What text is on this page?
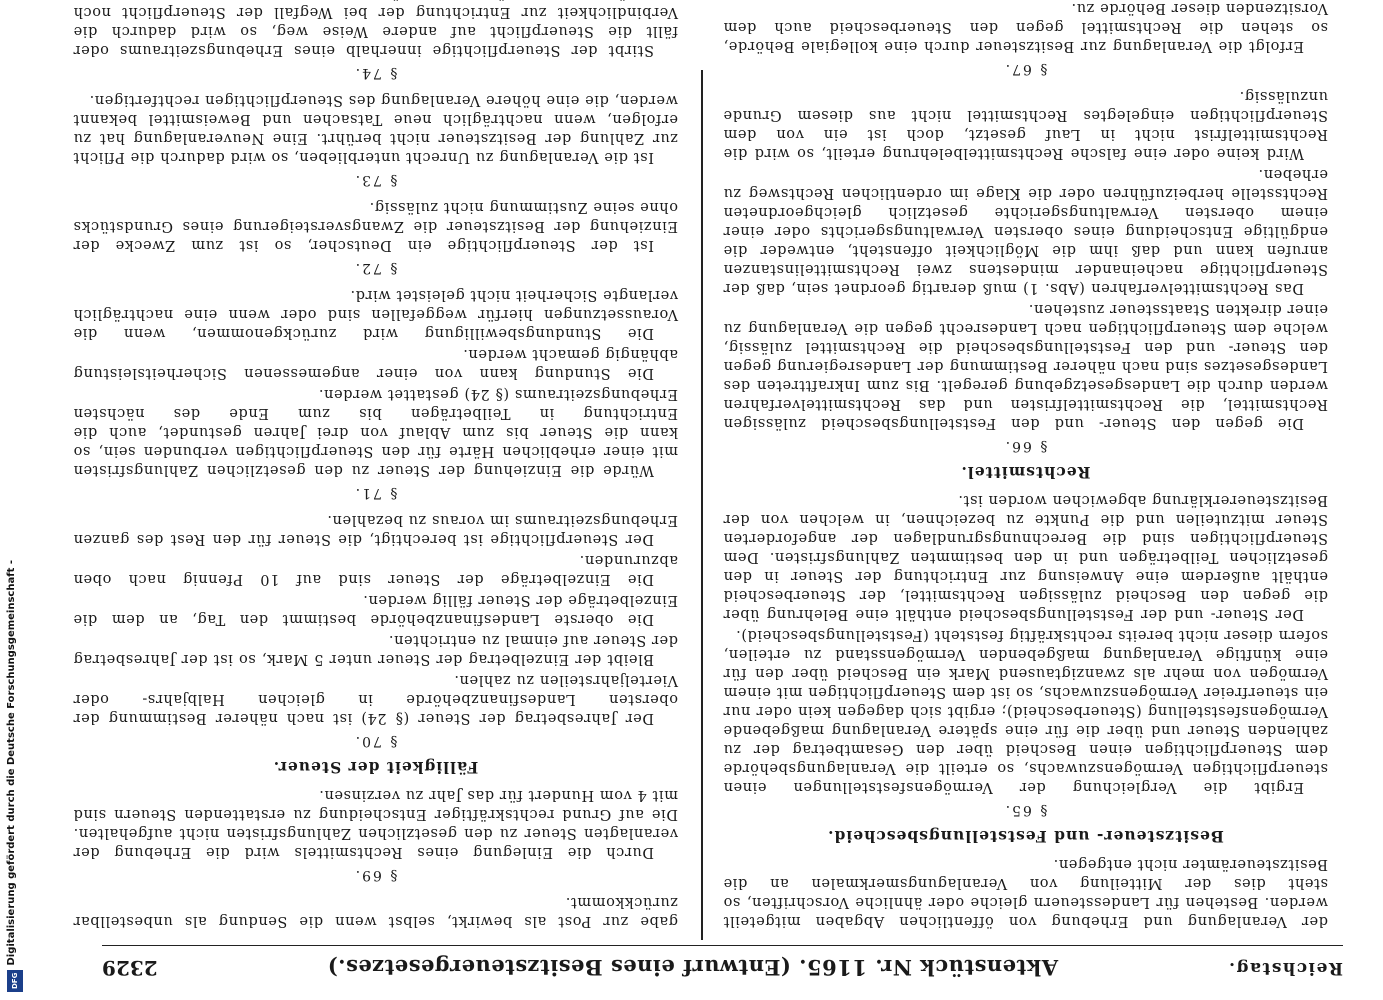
Reichstag.
Aktenstück Nr. 1165. (Entwurf eines Besitzsteuergesetzes.)
2329

der Veranlagung und Erhebung von öffentlichen Abgaben mitgeteilt werden. Bestehen für Landessteuern gleiche oder ähnliche Vorschriften, so steht dies der Mitteilung von Veranlagungsmerkmalen an die Besitzsteuerämter nicht entgegen.

Besitzsteuer- und Feststellungsbescheid.
§ 65.

Ergibt die Vergleichung der Vermögensfeststellungen einen steuerpflichtigen Vermögenszuwachs, so erteilt die Veranlagungsbehörde dem Steuerpflichtigen einen Bescheid über den Gesamtbetrag der zu zahlenden Steuer und über die für eine spätere Veranlagung maßgebende Vermögensfeststellung (Steuerbescheid); ergibt sich dagegen kein oder nur ein steuerfreier Vermögenszuwachs, so ist dem Steuerpflichtigen mit einem Vermögen von mehr als zwanzigtausend Mark ein Bescheid über den für eine künftige Veranlagung maßgebenden Vermögensstand zu erteilen, sofern dieser nicht bereits rechtskräftig feststeht (Feststellungsbescheid).

Der Steuer- und der Feststellungsbescheid enthält eine Belehrung über die gegen den Bescheid zulässigen Rechtsmittel, der Steuerbescheid enthält außerdem eine Anweisung zur Entrichtung der Steuer in den gesetzlichen Teilbeträgen und in den bestimmten Zahlungsfristen. Dem Steuerpflichtigen sind die Berechnungsgrundlagen der angeforderten Steuer mitzuteilen und die Punkte zu bezeichnen, in welchen von der Besitzsteuererklärung abgewichen worden ist.

Rechtsmittel.
§ 66.

Die gegen den Steuer- und den Feststellungsbescheid zulässigen Rechtsmittel, die Rechtsmittelfristen und das Rechtsmittelverfahren werden durch die Landesgesetzgebung geregelt. Bis zum Inkrafttreten des Landesgesetzes sind nach näherer Bestimmung der Landesregierung gegen den Steuer- und den Feststellungsbescheid die Rechtsmittel zulässig, welche dem Steuerpflichtigen nach Landesrecht gegen die Veranlagung zu einer direkten Staatssteuer zustehen.

Das Rechtsmittelverfahren (Abs. 1) muß derartig geordnet sein, daß der Steuerpflichtige nacheinander mindestens zwei Rechtsmittelinstanzen anrufen kann und daß ihm die Möglichkeit offensteht, entweder die endgültige Entscheidung eines obersten Verwaltungsgerichts oder einer einem obersten Verwaltungsgerichte gesetzlich gleichgeordneten Rechtsstelle herbeizuführen oder die Klage im ordentlichen Rechtsweg zu erheben.

Wird keine oder eine falsche Rechtsmittelbelehrung erteilt, so wird die Rechtsmittelfrist nicht in Lauf gesetzt, doch ist ein von dem Steuerpflichtigen eingelegtes Rechtsmittel nicht aus diesem Grunde unzulässig.

§ 67.

Erfolgt die Veranlagung zur Besitzsteuer durch eine kollegiale Behörde, so stehen die Rechtsmittel gegen den Steuerbescheid auch dem Vorsitzenden dieser Behörde zu.

gabe zur Post als bewirkt, selbst wenn die Sendung als unbestellbar zurückkommt.

§ 69.

Durch die Einlegung eines Rechtsmittels wird die Erhebung der veranlagten Steuer zu den gesetzlichen Zahlungsfristen nicht aufgehalten. Die auf Grund rechtskräftiger Entscheidung zu erstattenden Steuern sind mit 4 vom Hundert für das Jahr zu verzinsen.

Fälligkeit der Steuer.
§ 70.

Der Jahresbetrag der Steuer (§ 24) ist nach näherer Bestimmung der obersten Landesfinanzbehörde in gleichen Halbjahrs- oder Vierteljahrsteilen zu zahlen.

Bleibt der Einzelbetrag der Steuer unter 5 Mark, so ist der Jahresbetrag der Steuer auf einmal zu entrichten.

Die oberste Landesfinanzbehörde bestimmt den Tag, an dem die Einzelbeträge der Steuer fällig werden.

Die Einzelbeträge der Steuer sind auf 10 Pfennig nach oben abzurunden.

Der Steuerpflichtige ist berechtigt, die Steuer für den Rest des ganzen Erhebungszeitraums im voraus zu bezahlen.

§ 71.

Würde die Einziehung der Steuer zu den gesetzlichen Zahlungsfristen mit einer erheblichen Härte für den Steuerpflichtigen verbunden sein, so kann die Steuer bis zum Ablauf von drei Jahren gestundet, auch die Entrichtung in Teilbeträgen bis zum Ende des nächsten Erhebungszeitraums (§ 24) gestattet werden.

Die Stundung kann von einer angemessenen Sicherheitsleistung abhängig gemacht werden.

Die Stundungsbewilligung wird zurückgenommen, wenn die Voraussetzungen hierfür weggefallen sind oder wenn eine nachträglich verlangte Sicherheit nicht geleistet wird.

§ 72.

Ist der Steuerpflichtige ein Deutscher, so ist zum Zwecke der Einziehung der Besitzsteuer die Zwangsversteigerung eines Grundstücks ohne seine Zustimmung nicht zulässig.

§ 73.

Ist die Veranlagung zu Unrecht unterblieben, so wird dadurch die Pflicht zur Zahlung der Besitzsteuer nicht berührt. Eine Neuveranlagung hat zu erfolgen, wenn nachträglich neue Tatsachen und Beweismittel bekannt werden, die eine höhere Veranlagung des Steuerpflichtigen rechtfertigen.

§ 74.

Stirbt der Steuerpflichtige innerhalb eines Erhebungszeitraums oder fällt die Steuerpflicht auf andere Weise weg, so wird dadurch die Verbindlichkeit zur Entrichtung der bei Wegfall der Steuerpflicht noch

Digitalisierung gefördert durch die Deutsche Forschungsgemeinschaft -
DFG
